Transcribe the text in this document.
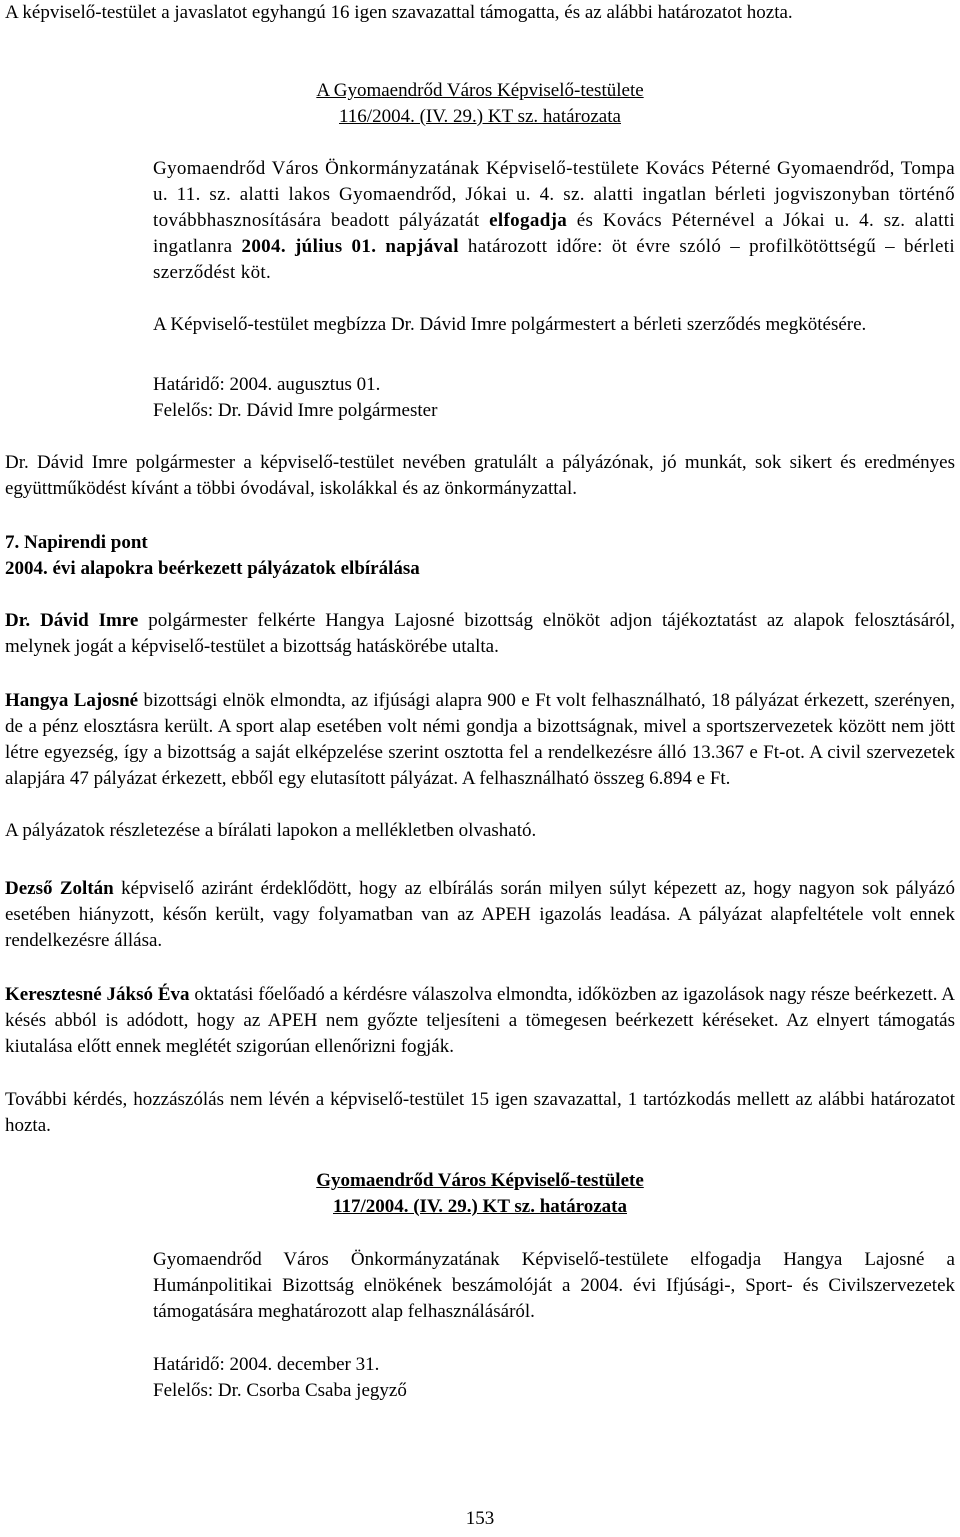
A képviselő-testület a javaslatot egyhangú 16 igen szavazattal támogatta, és az alábbi határozatot hozta.

A Gyomaendrőd Város Képviselő-testülete
116/2004. (IV. 29.) KT sz. határozata

Gyomaendrőd Város Önkormányzatának Képviselő-testülete Kovács Péterné Gyomaendrőd, Tompa u. 11. sz. alatti lakos Gyomaendrőd, Jókai u. 4. sz. alatti ingatlan bérleti jogviszonyban történő továbbhasznosítására beadott pályázatát elfogadja és Kovács Péternével a Jókai u. 4. sz. alatti ingatlanra 2004. július 01. napjával határozott időre: öt évre szóló – profilkötöttségű – bérleti szerződést köt.

A Képviselő-testület megbízza Dr. Dávid Imre polgármestert a bérleti szerződés megkötésére.

Határidő: 2004. augusztus 01.

Felelős: Dr. Dávid Imre polgármester

Dr. Dávid Imre polgármester a képviselő-testület nevében gratulált a pályázónak, jó munkát, sok sikert és eredményes együttműködést kívánt a többi óvodával, iskolákkal és az önkormányzattal.

7. Napirendi pont

2004. évi alapokra beérkezett pályázatok elbírálása

Dr. Dávid Imre polgármester felkérte Hangya Lajosné bizottság elnököt adjon tájékoztatást az alapok felosztásáról, melynek jogát a képviselő-testület a bizottság hatáskörébe utalta.

Hangya Lajosné bizottsági elnök elmondta, az ifjúsági alapra 900 e Ft volt felhasználható, 18 pályázat érkezett, szerényen, de a pénz elosztásra került. A sport alap esetében volt némi gondja a bizottságnak, mivel a sportszervezetek között nem jött létre egyezség, így a bizottság a saját elképzelése szerint osztotta fel a rendelkezésre álló 13.367 e Ft-ot. A civil szervezetek alapjára 47 pályázat érkezett, ebből egy elutasított pályázat. A felhasználható összeg 6.894 e Ft.

A pályázatok részletezése a bírálati lapokon a mellékletben olvasható.

Dezső Zoltán képviselő aziránt érdeklődött, hogy az elbírálás során milyen súlyt képezett az, hogy nagyon sok pályázó esetében hiányzott, későn került, vagy folyamatban van az APEH igazolás leadása. A pályázat alapfeltétele volt ennek rendelkezésre állása.

Keresztesné Jáksó Éva oktatási főelőadó a kérdésre válaszolva elmondta, időközben az igazolások nagy része beérkezett. A késés abból is adódott, hogy az APEH nem győzte teljesíteni a tömegesen beérkezett kéréseket. Az elnyert támogatás kiutalása előtt ennek meglétét szigorúan ellenőrizni fogják.

További kérdés, hozzászólás nem lévén a képviselő-testület 15 igen szavazattal, 1 tartózkodás mellett az alábbi határozatot hozta.

Gyomaendrőd Város Képviselő-testülete
117/2004. (IV. 29.) KT sz. határozata

Gyomaendrőd Város Önkormányzatának Képviselő-testülete elfogadja Hangya Lajosné a Humánpolitikai Bizottság elnökének beszámolóját a 2004. évi Ifjúsági-, Sport- és Civilszervezetek támogatására meghatározott alap felhasználásáról.

Határidő: 2004. december 31.

Felelős: Dr. Csorba Csaba jegyző

153
